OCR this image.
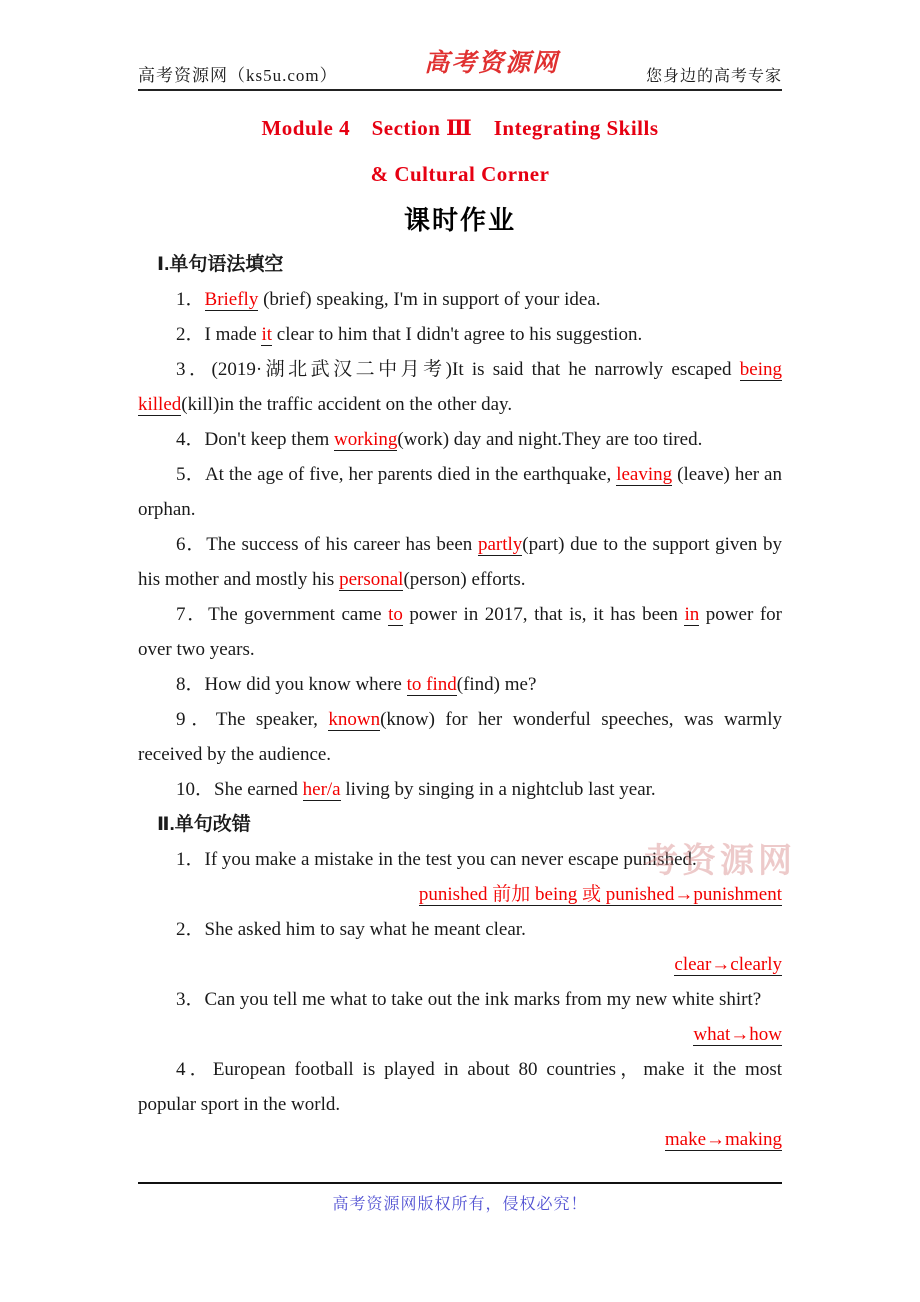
高考资源网（ks5u.com）	高考资源网	您身边的高考专家
Module 4　Section Ⅲ　Integrating Skills
& Cultural Corner
课时作业
Ⅰ.单句语法填空

1．Briefly (brief) speaking, I'm in support of your idea.

2．I made it clear to him that I didn't agree to his suggestion.

3．(2019·湖北武汉二中月考)It is said that he narrowly escaped being killed(kill)in the traffic accident on the other day.

4．Don't keep them working(work) day and night.They are too tired.

5．At the age of five, her parents died in the earthquake, leaving (leave) her an orphan.

6．The success of his career has been partly(part) due to the support given by his mother and mostly his personal(person) efforts.

7．The government came to power in 2017, that is, it has been in power for over two years.

8．How did you know where to find(find) me?

9．The speaker, known(know) for her wonderful speeches, was warmly received by the audience.

10．She earned her/a living by singing in a nightclub last year.

Ⅱ.单句改错

1．If you make a mistake in the test you can never escape punished.

punished 前加 being 或 punished→punishment

2．She asked him to say what he meant clear.

clear→clearly

3．Can you tell me what to take out the ink marks from my new white shirt?

what→how

4．European football is played in about 80 countries，make it the most popular sport in the world.

make→making

考资源网
高考资源网版权所有，侵权必究！
